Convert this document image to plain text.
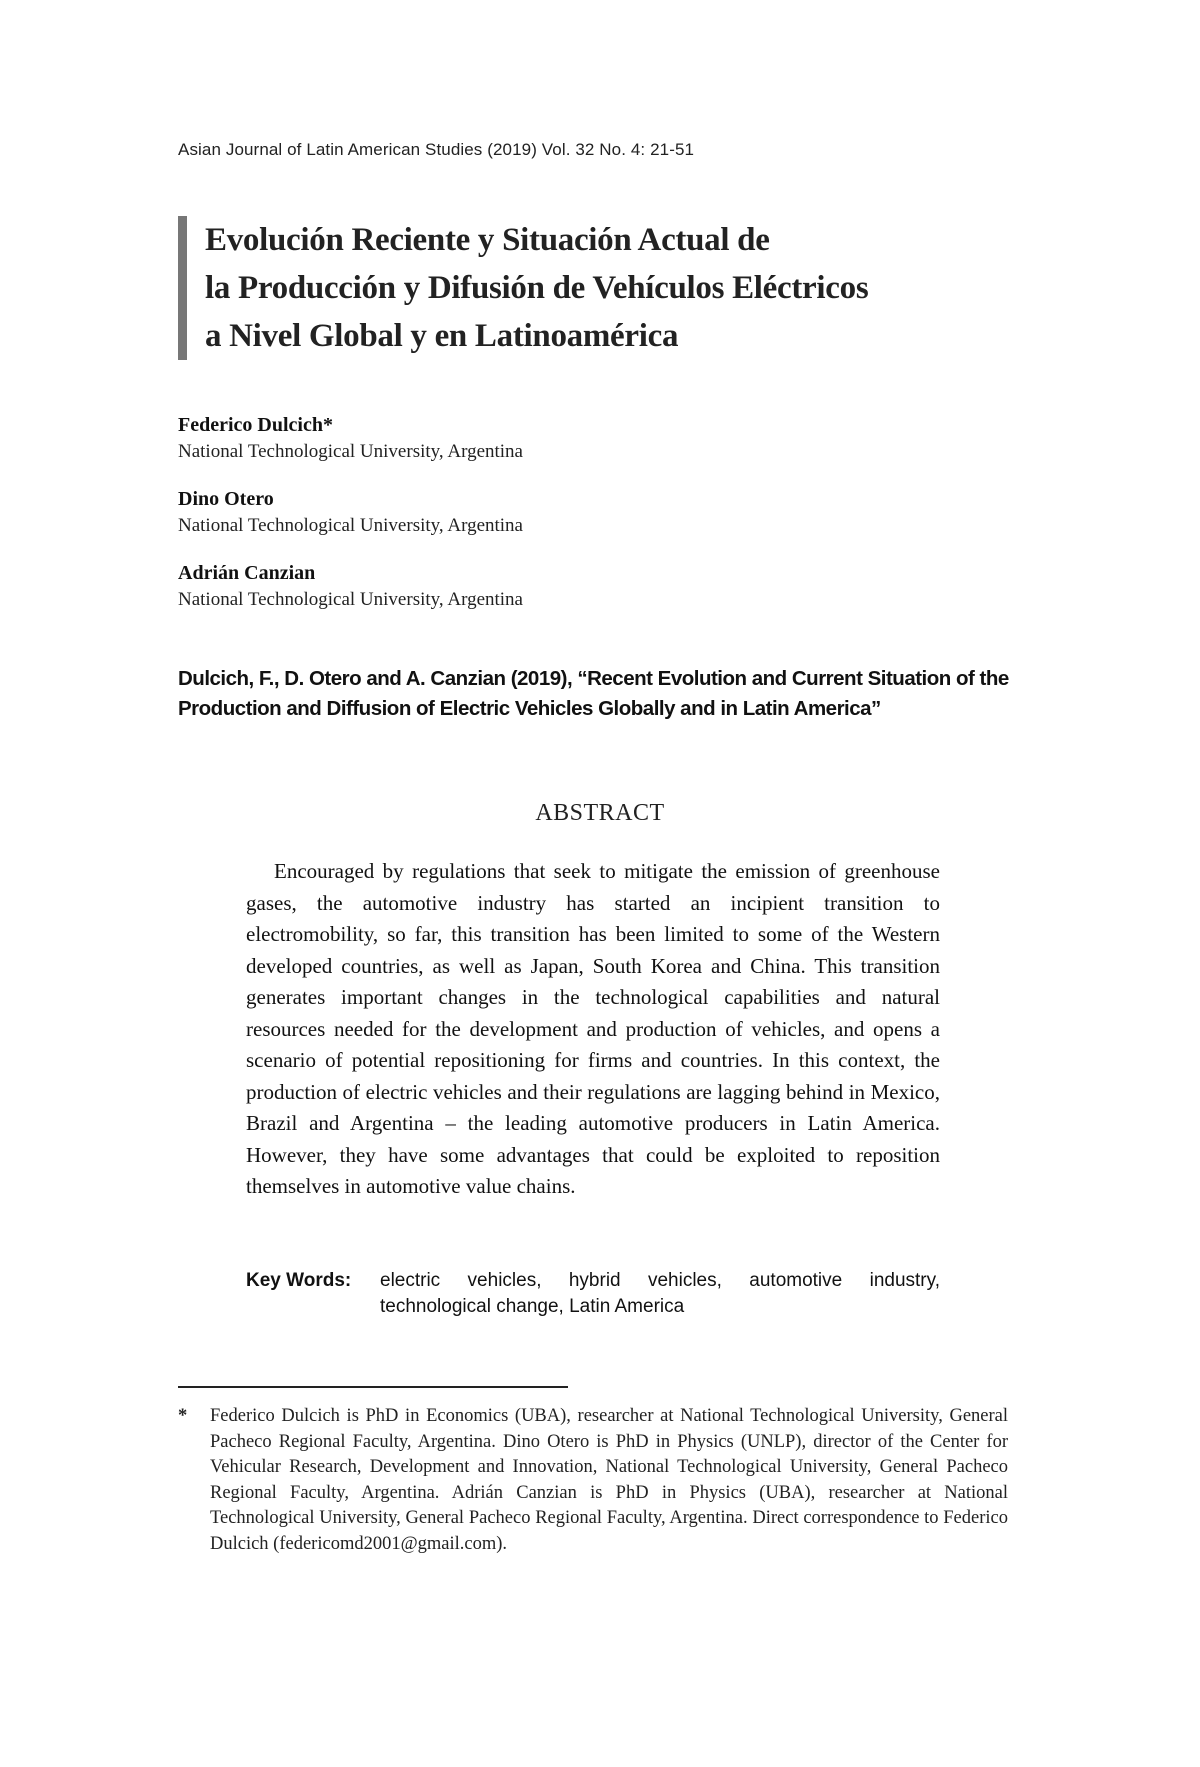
Asian Journal of Latin American Studies (2019) Vol. 32 No. 4: 21-51
Evolución Reciente y Situación Actual de
la Producción y Difusión de Vehículos Eléctricos
a Nivel Global y en Latinoamérica
Federico Dulcich*
National Technological University, Argentina
Dino Otero
National Technological University, Argentina
Adrián Canzian
National Technological University, Argentina
Dulcich, F., D. Otero and A. Canzian (2019), “Recent Evolution and Current Situation of the Production and Diffusion of Electric Vehicles Globally and in Latin America”
ABSTRACT
Encouraged by regulations that seek to mitigate the emission of greenhouse gases, the automotive industry has started an incipient transition to electromobility, so far, this transition has been limited to some of the Western developed countries, as well as Japan, South Korea and China. This transition generates important changes in the technological capabilities and natural resources needed for the development and production of vehicles, and opens a scenario of potential repositioning for firms and countries. In this context, the production of electric vehicles and their regulations are lagging behind in Mexico, Brazil and Argentina – the leading automotive producers in Latin America. However, they have some advantages that could be exploited to reposition themselves in automotive value chains.
Key Words:	electric vehicles, hybrid vehicles, automotive industry, technological change, Latin America
*	Federico Dulcich is PhD in Economics (UBA), researcher at National Technological University, General Pacheco Regional Faculty, Argentina. Dino Otero is PhD in Physics (UNLP), director of the Center for Vehicular Research, Development and Innovation, National Technological University, General Pacheco Regional Faculty, Argentina. Adrián Canzian is PhD in Physics (UBA), researcher at National Technological University, General Pacheco Regional Faculty, Argentina. Direct correspondence to Federico Dulcich (federicomd2001@gmail.com).
